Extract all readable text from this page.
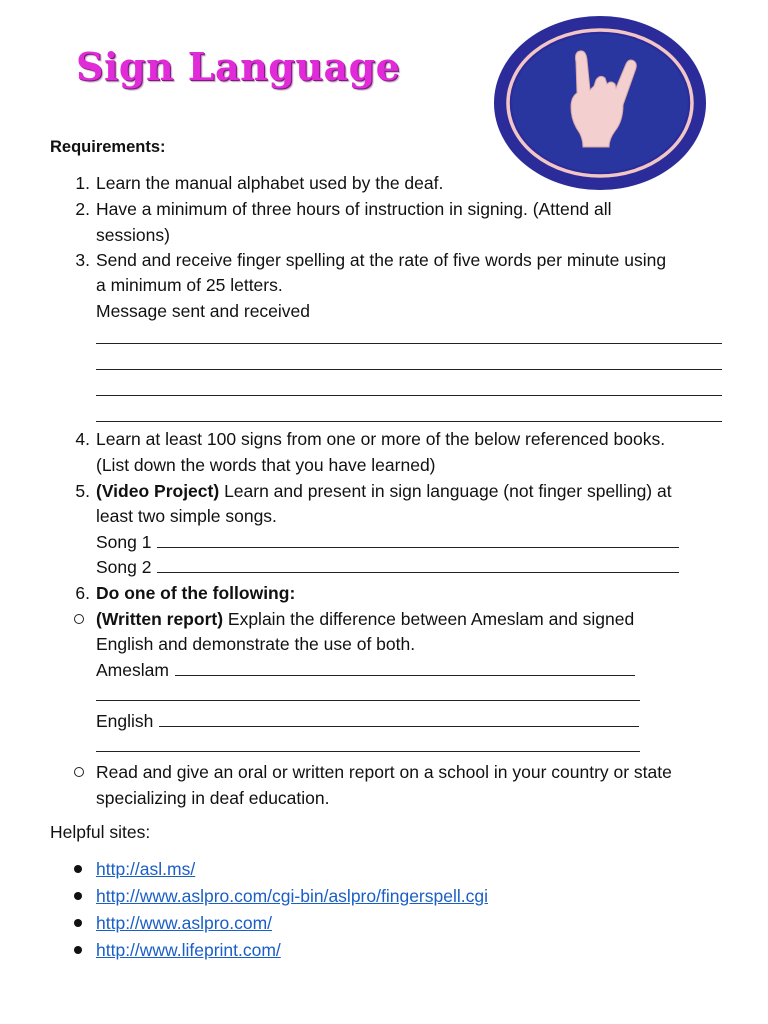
Sign Language
Requirements:
1. Learn the manual alphabet used by the deaf.
2. Have a minimum of three hours of instruction in signing. (Attend all
sessions)
3. Send and receive finger spelling at the rate of five words per minute using
a minimum of 25 letters.
Message sent and received
4. Learn at least 100 signs from one or more of the below referenced books.
(List down the words that you have learned)
5. (Video Project) Learn and present in sign language (not finger spelling) at
least two simple songs.
Song 1
Song 2
6. Do one of the following:
(Written report) Explain the difference between Ameslam and signed
English and demonstrate the use of both.
Ameslam
English
Read and give an oral or written report on a school in your country or state
specializing in deaf education.
Helpful sites:
http://asl.ms/
http://www.aslpro.com/cgi-bin/aslpro/fingerspell.cgi
http://www.aslpro.com/
http://www.lifeprint.com/
